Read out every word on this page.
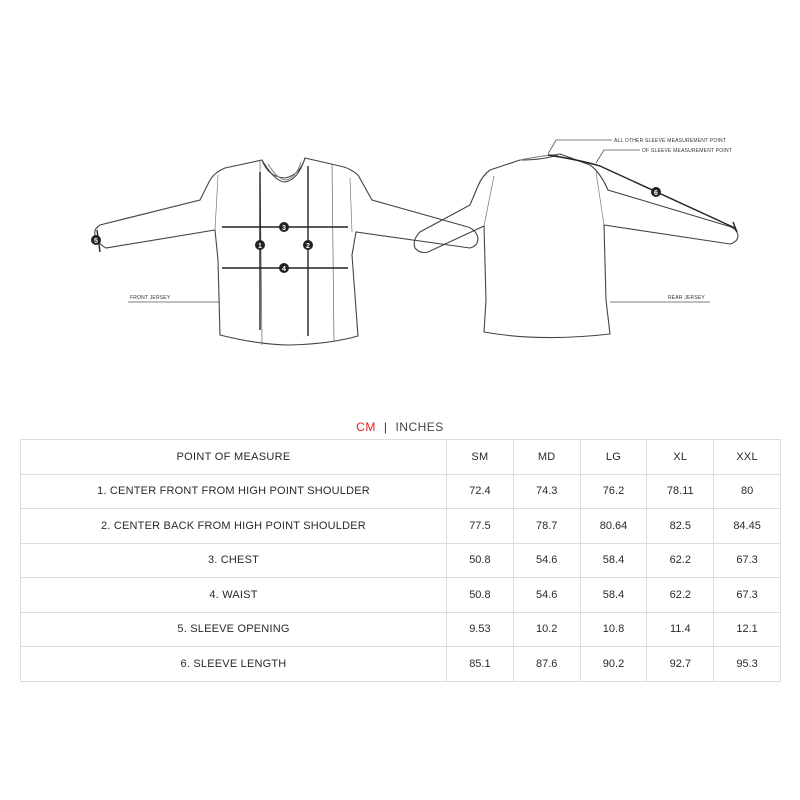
1	2
3
4
5
FRONT JERSEY
6
ALL OTHER SLEEVE MEASUREMENT POINT
OF SLEEVE MEASUREMENT POINT
REAR JERSEY
CM | INCHES
POINT OF MEASURE	SM	MD	LG	XL	XXL
1. CENTER FRONT FROM HIGH POINT SHOULDER	72.4	74.3	76.2	78.11	80
2. CENTER BACK FROM HIGH POINT SHOULDER	77.5	78.7	80.64	82.5	84.45
3. CHEST	50.8	54.6	58.4	62.2	67.3
4. WAIST	50.8	54.6	58.4	62.2	67.3
5. SLEEVE OPENING	9.53	10.2	10.8	11.4	12.1
6. SLEEVE LENGTH	85.1	87.6	90.2	92.7	95.3
